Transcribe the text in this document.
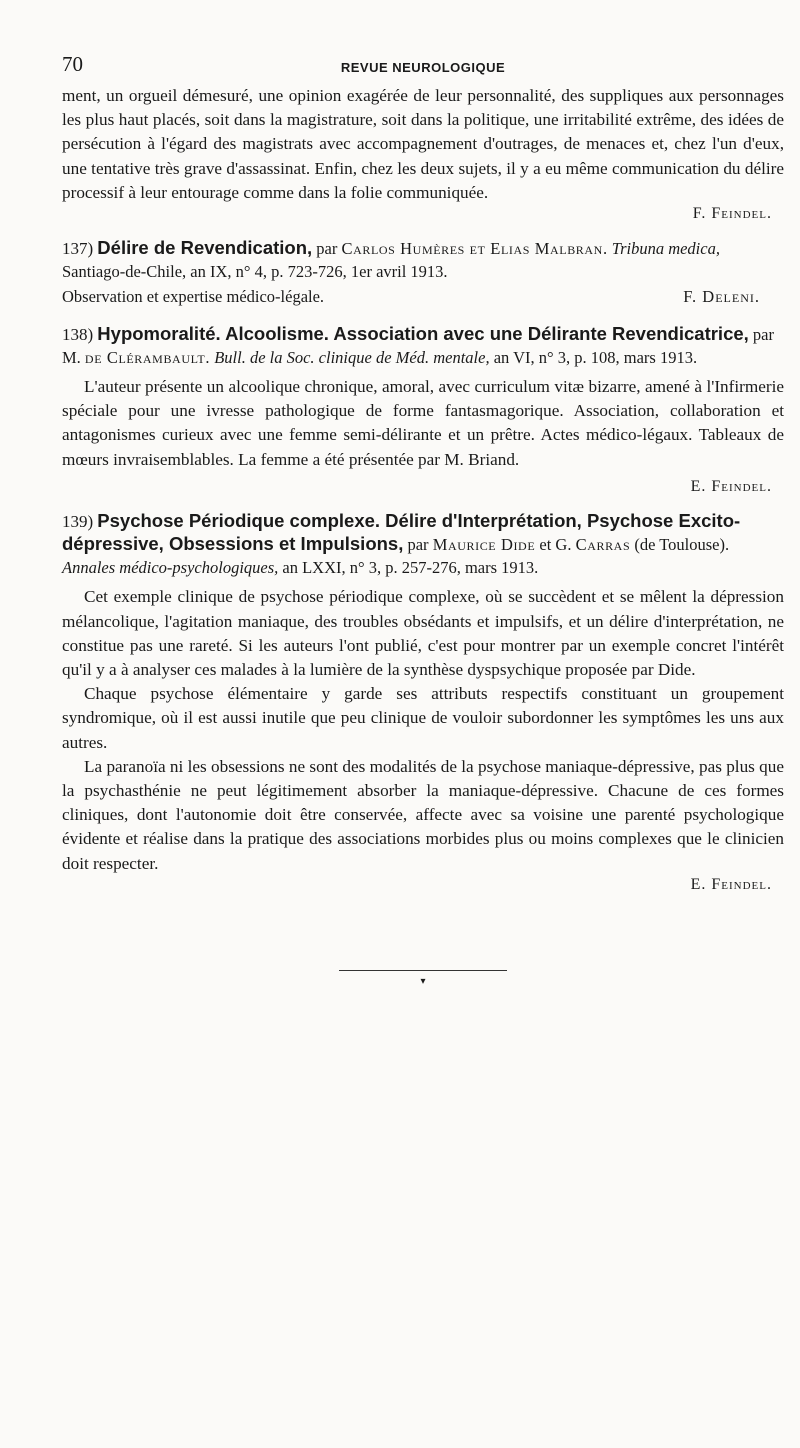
70	REVUE NEUROLOGIQUE

ment, un orgueil démesuré, une opinion exagérée de leur personnalité, des suppliques aux personnages les plus haut placés, soit dans la magistrature, soit dans la politique, une irritabilité extrême, des idées de persécution à l'égard des magistrats avec accompagnement d'outrages, de menaces et, chez l'un d'eux, une tentative très grave d'assassinat. Enfin, chez les deux sujets, il y a eu même communication du délire processif à leur entourage comme dans la folie communiquée.

F. Feindel.
137) Délire de Revendication, par Carlos Humères et Elias Malbran. Tribuna medica, Santiago-de-Chile, an IX, n° 4, p. 723-726, 1er avril 1913.
Observation et expertise médico-légale.	F. Deleni.
138) Hypomoralité. Alcoolisme. Association avec une Délirante Revendicatrice, par M. de Clérambault. Bull. de la Soc. clinique de Méd. mentale, an VI, n° 3, p. 108, mars 1913.

L'auteur présente un alcoolique chronique, amoral, avec curriculum vitæ bizarre, amené à l'Infirmerie spéciale pour une ivresse pathologique de forme fantasmagorique. Association, collaboration et antagonismes curieux avec une femme semi-délirante et un prêtre. Actes médico-légaux. Tableaux de mœurs invraisemblables. La femme a été présentée par M. Briand.

E. Feindel.
139) Psychose Périodique complexe. Délire d'Interprétation, Psychose Excito-dépressive, Obsessions et Impulsions, par Maurice Dide et G. Carras (de Toulouse). Annales médico-psychologiques, an LXXI, n° 3, p. 257-276, mars 1913.

Cet exemple clinique de psychose périodique complexe, où se succèdent et se mêlent la dépression mélancolique, l'agitation maniaque, des troubles obsédants et impulsifs, et un délire d'interprétation, ne constitue pas une rareté. Si les auteurs l'ont publié, c'est pour montrer par un exemple concret l'intérêt qu'il y a à analyser ces malades à la lumière de la synthèse dyspsychique proposée par Dide.

Chaque psychose élémentaire y garde ses attributs respectifs constituant un groupement syndromique, où il est aussi inutile que peu clinique de vouloir subordonner les symptômes les uns aux autres.

La paranoïa ni les obsessions ne sont des modalités de la psychose maniaque-dépressive, pas plus que la psychasthénie ne peut légitimement absorber la maniaque-dépressive. Chacune de ces formes cliniques, dont l'autonomie doit être conservée, affecte avec sa voisine une parenté psychologique évidente et réalise dans la pratique des associations morbides plus ou moins complexes que le clinicien doit respecter.

E. Feindel.
▾
